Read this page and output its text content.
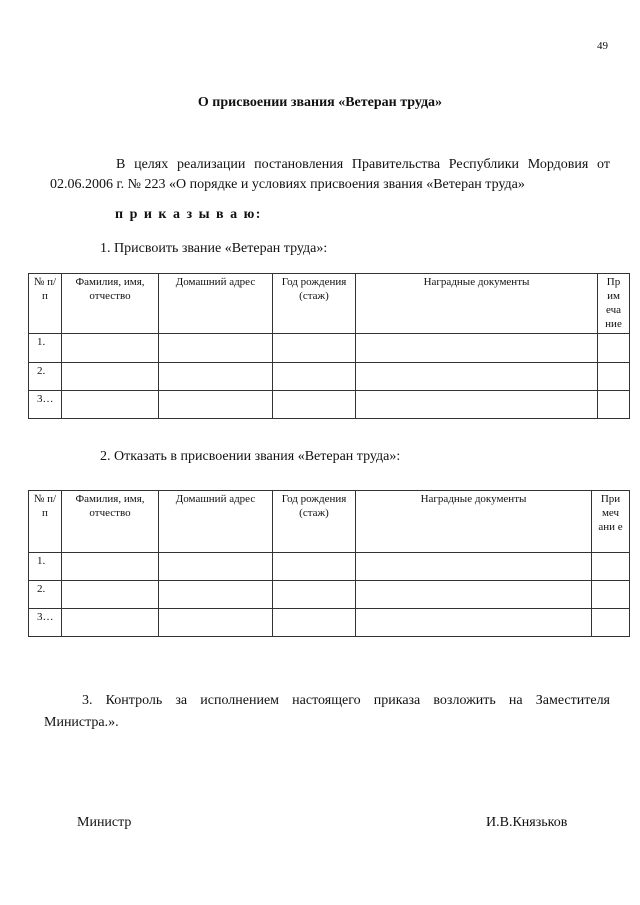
49
О присвоении звания «Ветеран труда»
В целях реализации постановления Правительства Республики Мордовия от 02.06.2006 г. № 223 «О порядке и условиях присвоения звания «Ветеран труда»
п р и к а з ы в а ю:
1. Присвоить звание «Ветеран труда»:
№ п/п	Фамилия, имя, отчество	Домашний адрес	Год рождения (стаж)	Наградные документы	Пр им еча ние
1.					
2.					
3…					
2. Отказать в присвоении звания «Ветеран труда»:
№ п/п	Фамилия, имя, отчество	Домашний адрес	Год рождения (стаж)	Наградные документы	При меч ани е
1.					
2.					
3…					
3. Контроль за исполнением настоящего приказа возложить на Заместителя Министра.».
Министр	И.В.Князьков
